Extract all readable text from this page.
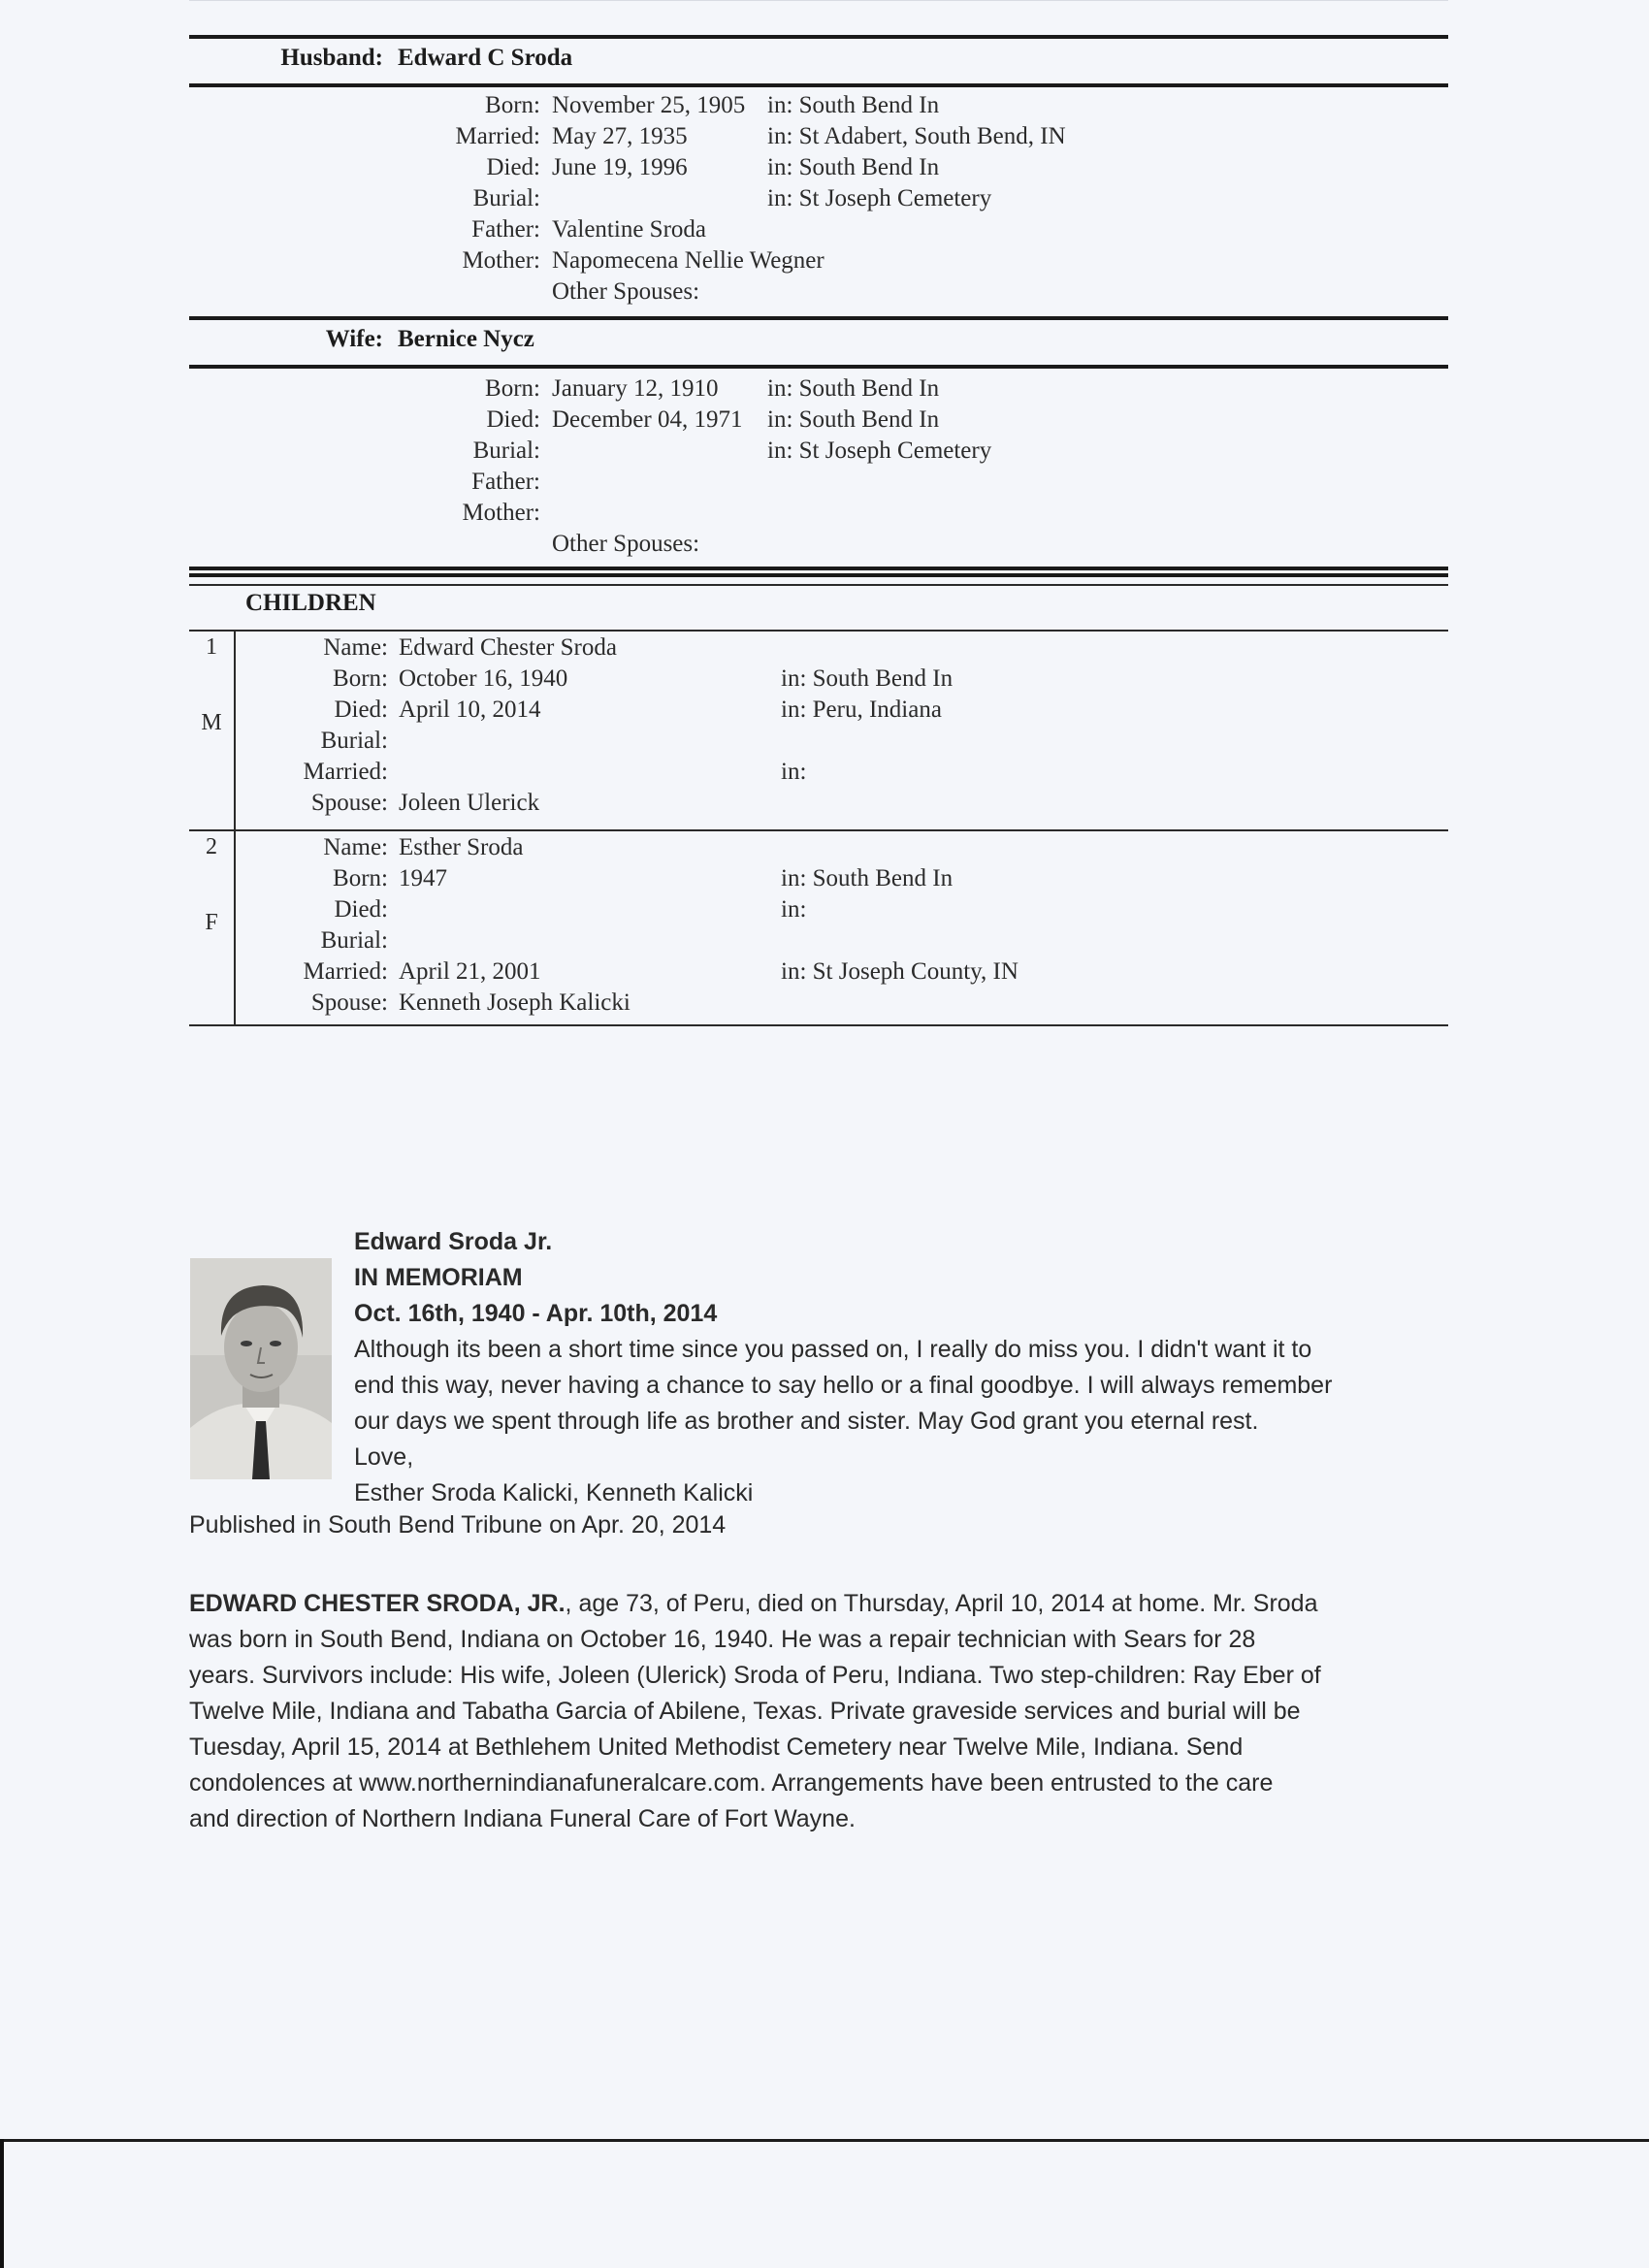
Husband: Edward C Sroda
Born: November 25, 1905 in: South Bend In
Married: May 27, 1935	in: St Adabert, South Bend, IN
Died: June 19, 1996	in: South Bend In
Burial:	in: St Joseph Cemetery
Father: Valentine Sroda
Mother: Napomecena Nellie Wegner
Other Spouses:
Wife: Bernice Nycz
Born: January 12, 1910 in: South Bend In
Died: December 04, 1971 in: South Bend In
Burial:	in: St Joseph Cemetery
Father:
Mother:
Other Spouses:
CHILDREN
1
M
Name: Edward Chester Sroda
Born: October 16, 1940	in: South Bend In
Died: April 10, 2014	in: Peru, Indiana
Burial:
Married:	in:
Spouse: Joleen Ulerick
2
F
Name: Esther Sroda
Born: 1947	in: South Bend In
Died:	in:
Burial:
Married: April 21, 2001	in: St Joseph County, IN
Spouse: Kenneth Joseph Kalicki
Edward Sroda Jr.
IN MEMORIAM
Oct. 16th, 1940 - Apr. 10th, 2014
Although its been a short time since you passed on, I really do miss you. I didn't want it to
end this way, never having a chance to say hello or a final goodbye. I will always remember
our days we spent through life as brother and sister. May God grant you eternal rest.
Love,
Esther Sroda Kalicki, Kenneth Kalicki
Published in South Bend Tribune on Apr. 20, 2014
EDWARD CHESTER SRODA, JR., age 73, of Peru, died on Thursday, April 10, 2014 at home. Mr. Sroda
was born in South Bend, Indiana on October 16, 1940. He was a repair technician with Sears for 28
years. Survivors include: His wife, Joleen (Ulerick) Sroda of Peru, Indiana. Two step-children: Ray Eber of
Twelve Mile, Indiana and Tabatha Garcia of Abilene, Texas. Private graveside services and burial will be
Tuesday, April 15, 2014 at Bethlehem United Methodist Cemetery near Twelve Mile, Indiana. Send
condolences at www.northernindianafuneralcare.com. Arrangements have been entrusted to the care
and direction of Northern Indiana Funeral Care of Fort Wayne.
